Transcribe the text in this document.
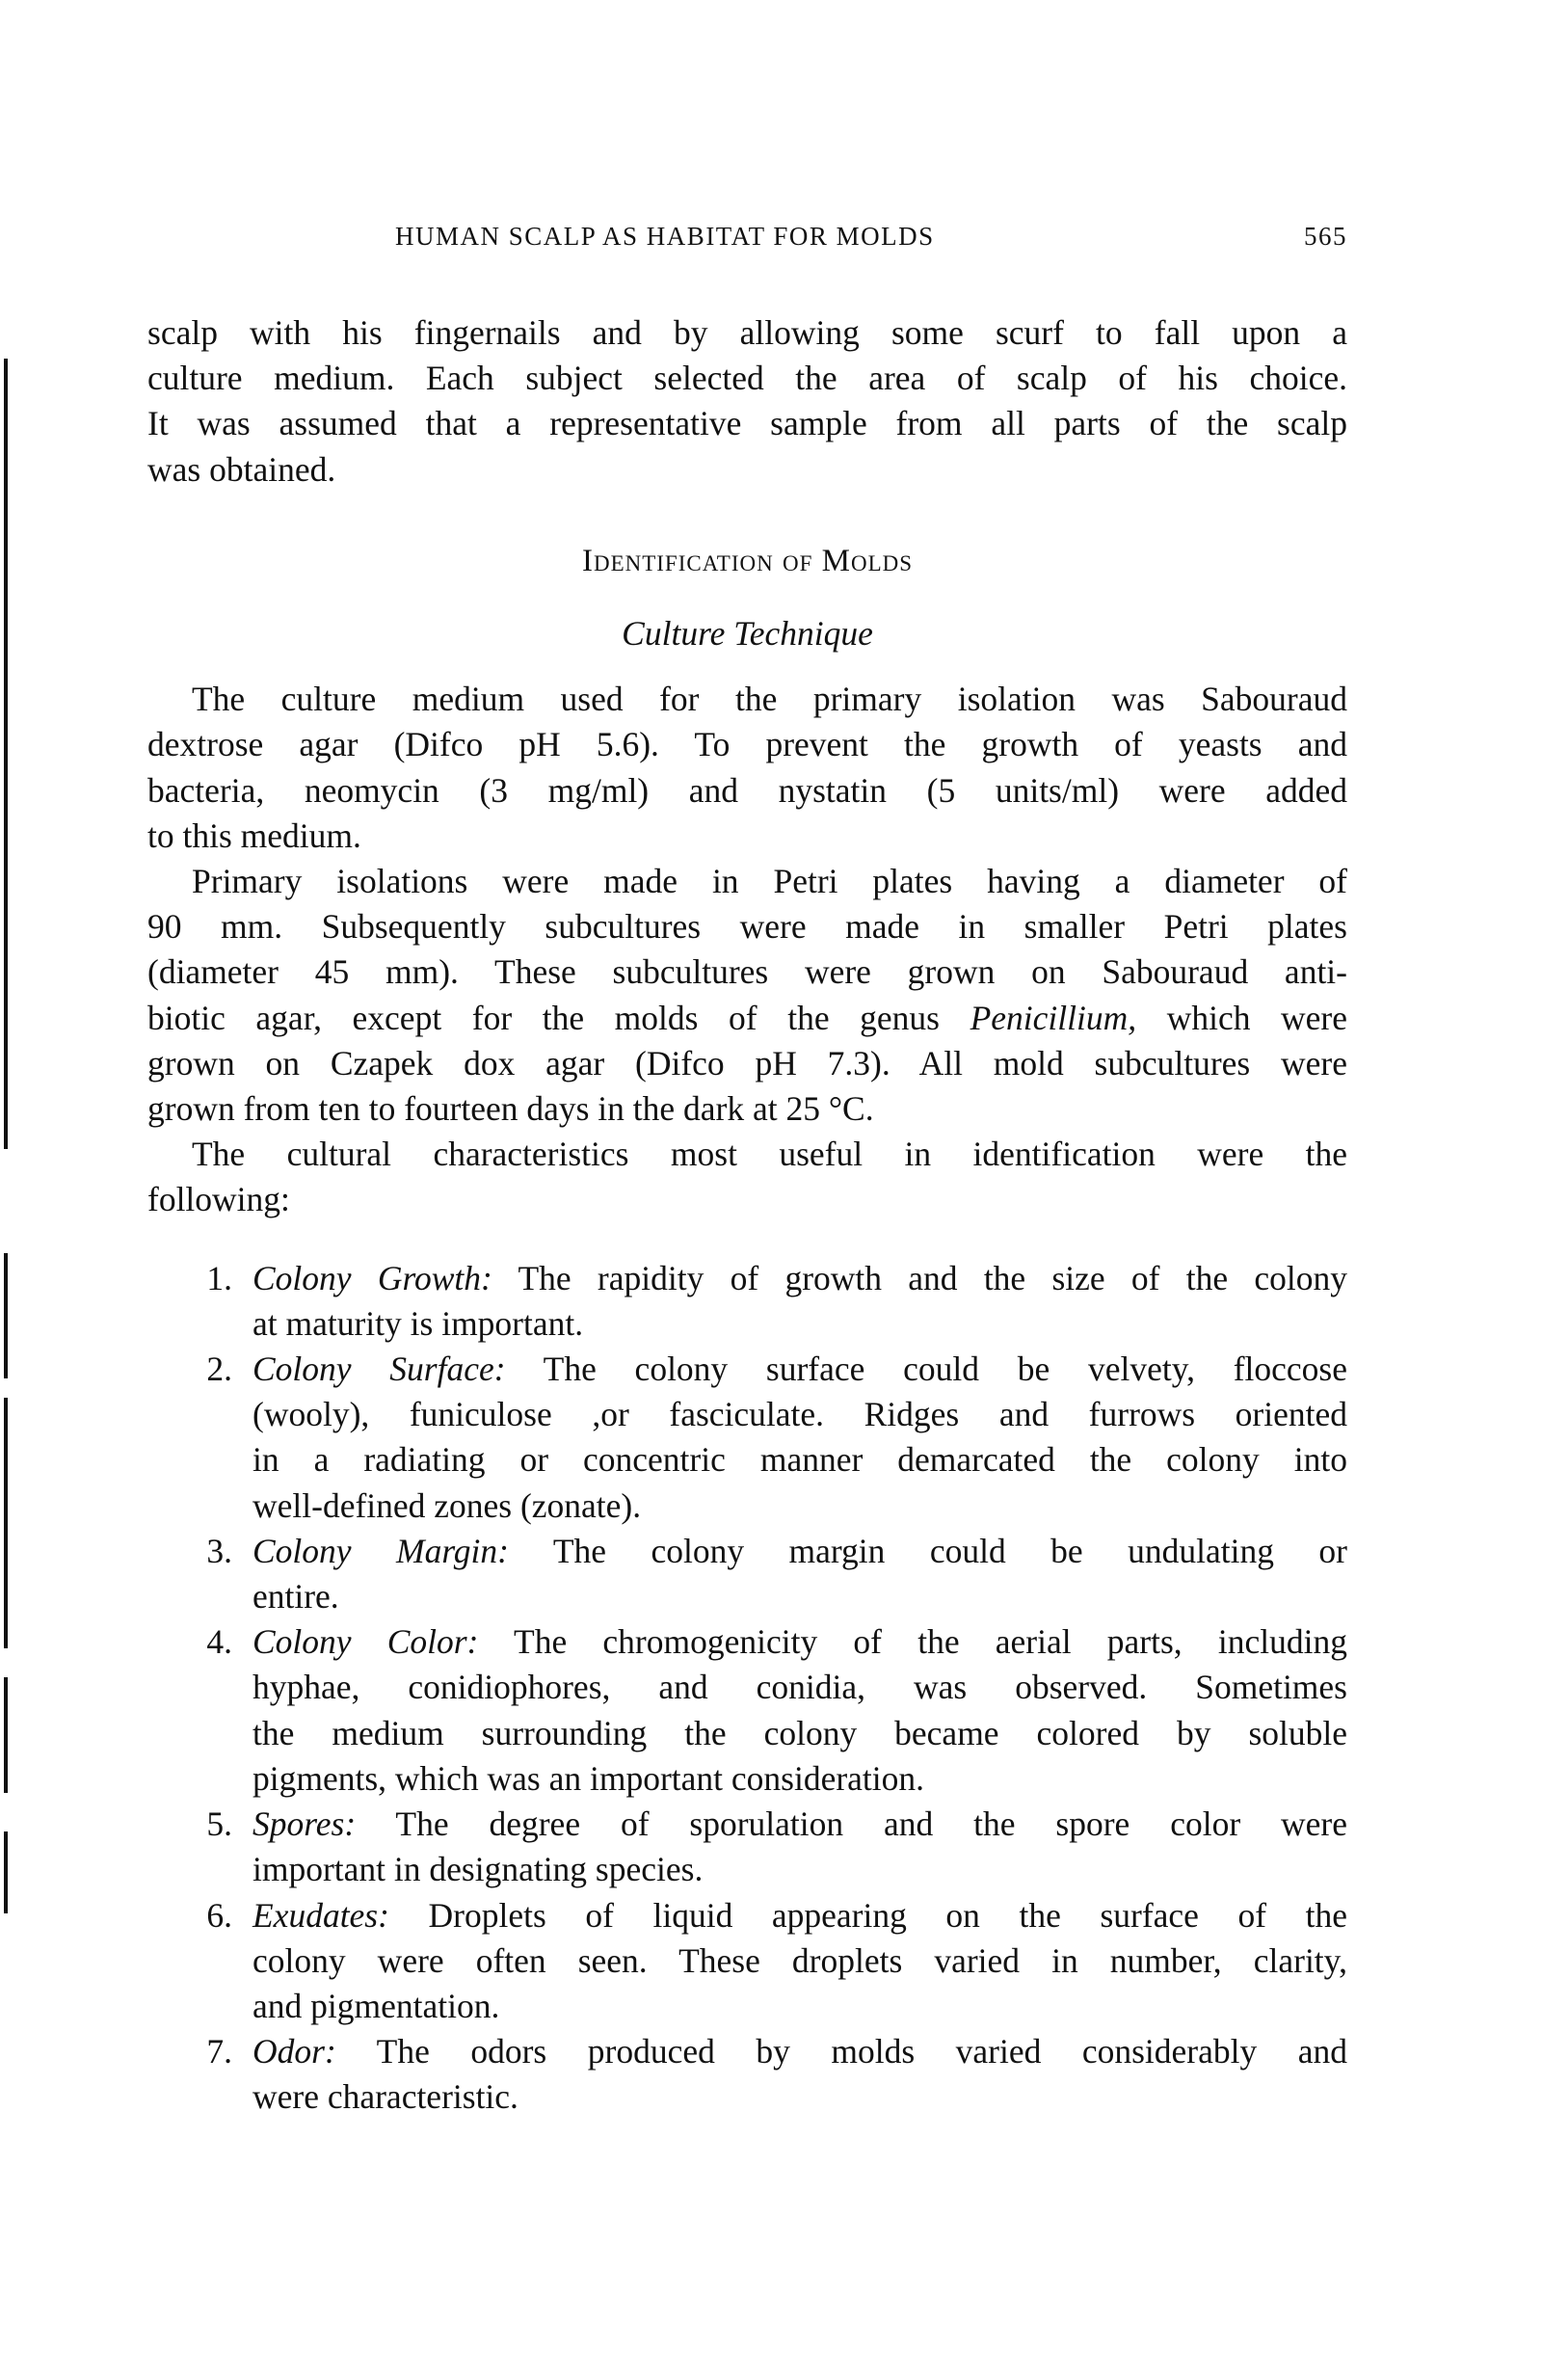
HUMAN SCALP AS HABITAT FOR MOLDS	565
scalp with his fingernails and by allowing some scurf to fall upon a
culture medium. Each subject selected the area of scalp of his choice.
It was assumed that a representative sample from all parts of the scalp
was obtained.
Identification of Molds
Culture Technique
The culture medium used for the primary isolation was Sabouraud
dextrose agar (Difco pH 5.6). To prevent the growth of yeasts and
bacteria, neomycin (3 mg/ml) and nystatin (5 units/ml) were added
to this medium.
Primary isolations were made in Petri plates having a diameter of
90 mm. Subsequently subcultures were made in smaller Petri plates
(diameter 45 mm). These subcultures were grown on Sabouraud anti-
biotic agar, except for the molds of the genus Penicillium, which were
grown on Czapek dox agar (Difco pH 7.3). All mold subcultures were
grown from ten to fourteen days in the dark at 25 °C.
The cultural characteristics most useful in identification were the
following:
1. Colony Growth: The rapidity of growth and the size of the colony
at maturity is important.
2. Colony Surface: The colony surface could be velvety, floccose
(wooly), funiculose ,or fasciculate. Ridges and furrows oriented
in a radiating or concentric manner demarcated the colony into
well-defined zones (zonate).
3. Colony Margin: The colony margin could be undulating or
entire.
4. Colony Color: The chromogenicity of the aerial parts, including
hyphae, conidiophores, and conidia, was observed. Sometimes
the medium surrounding the colony became colored by soluble
pigments, which was an important consideration.
5. Spores: The degree of sporulation and the spore color were
important in designating species.
6. Exudates: Droplets of liquid appearing on the surface of the
colony were often seen. These droplets varied in number, clarity,
and pigmentation.
7. Odor: The odors produced by molds varied considerably and
were characteristic.
